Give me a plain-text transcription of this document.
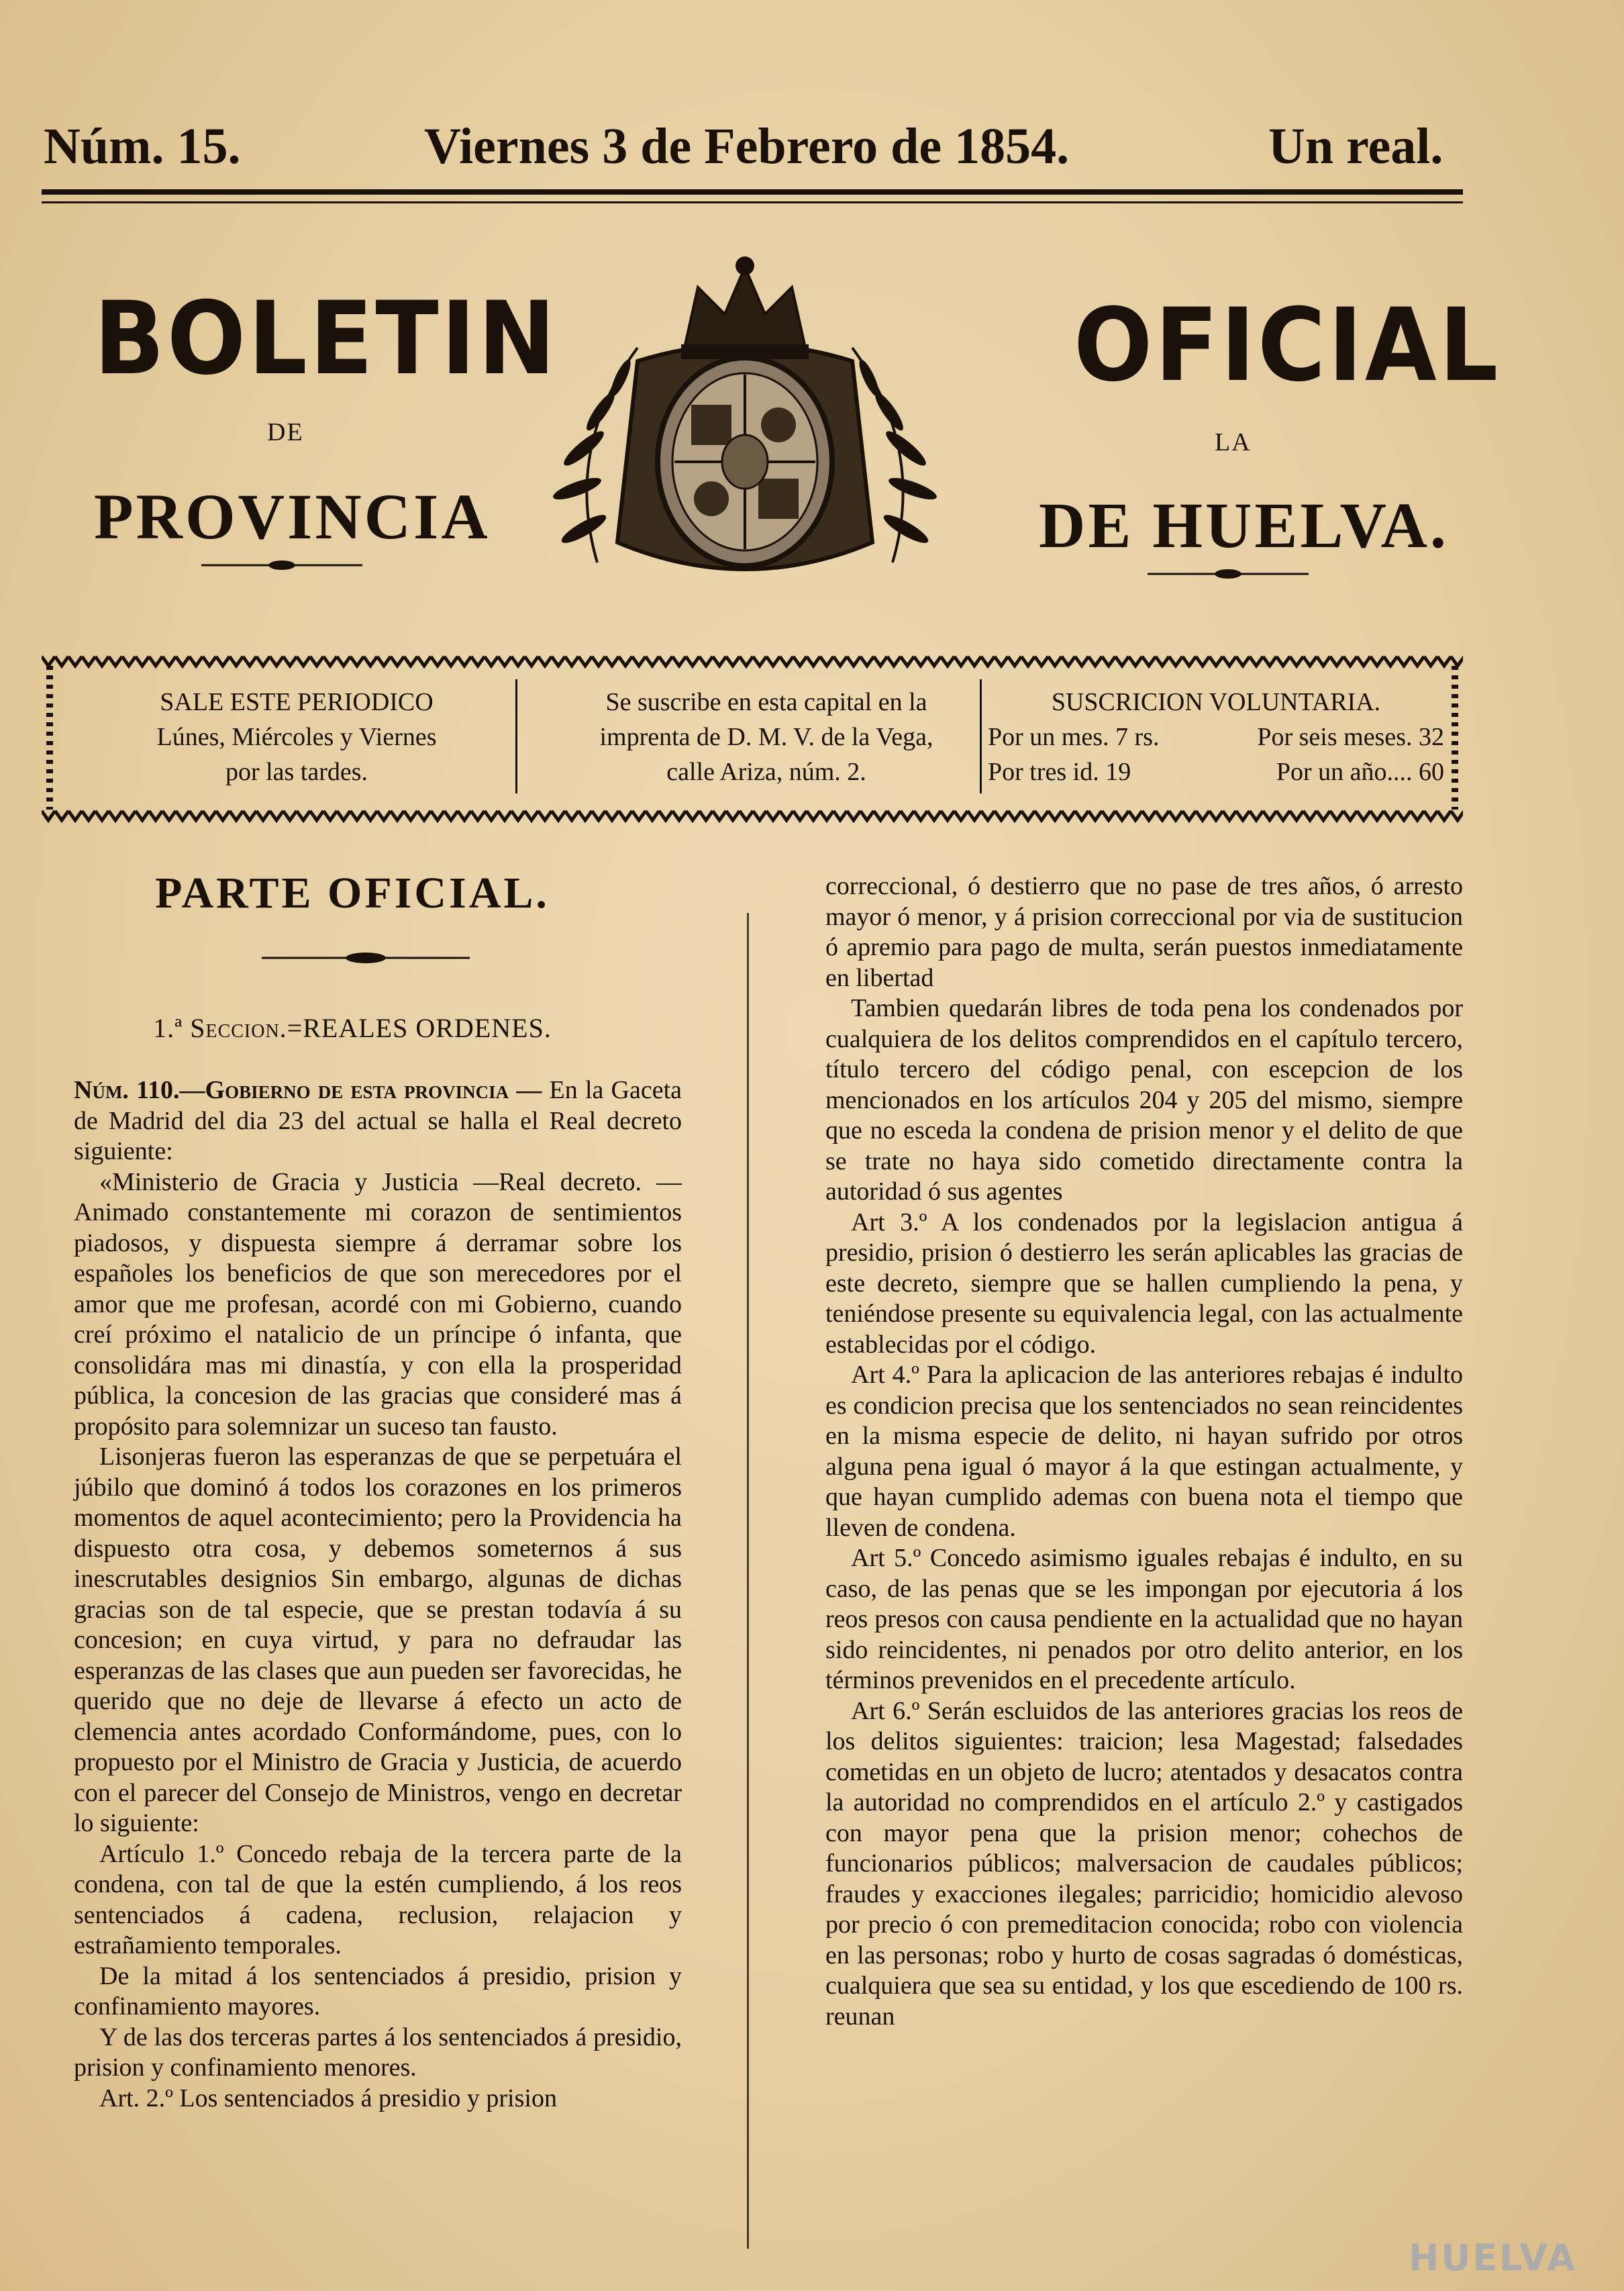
Núm. 15.	Viernes 3 de Febrero de 1854.	Un real.
BOLETIN
DE
PROVINCIA
OFICIAL
LA
DE HUELVA.
SALE ESTE PERIODICO
Lúnes, Miércoles y Viernes
por las tardes.
Se suscribe en esta capital en la
imprenta de D. M. V. de la Vega,
calle Ariza, núm. 2.
SUSCRICION VOLUNTARIA.
Por un mes. 7 rs.	Por seis meses. 32
Por tres id. 19	Por un año.... 60
PARTE OFICIAL.
1.ª Seccion.=REALES ORDENES.

Núm. 110.—Gobierno de esta provincia — En la Gaceta de Madrid del dia 23 del actual se halla el Real decreto siguiente:

«Ministerio de Gracia y Justicia —Real decreto. —Animado constantemente mi corazon de sentimientos piadosos, y dispuesta siempre á derramar sobre los españoles los beneficios de que son merecedores por el amor que me profesan, acordé con mi Gobierno, cuando creí próximo el natalicio de un príncipe ó infanta, que consolidára mas mi dinastía, y con ella la prosperidad pública, la concesion de las gracias que consideré mas á propósito para solemnizar un suceso tan fausto.

Lisonjeras fueron las esperanzas de que se perpetuára el júbilo que dominó á todos los corazones en los primeros momentos de aquel acontecimiento; pero la Providencia ha dispuesto otra cosa, y debemos someternos á sus inescrutables designios Sin embargo, algunas de dichas gracias son de tal especie, que se prestan todavía á su concesion; en cuya virtud, y para no defraudar las esperanzas de las clases que aun pueden ser favorecidas, he querido que no deje de llevarse á efecto un acto de clemencia antes acordado Conformándome, pues, con lo propuesto por el Ministro de Gracia y Justicia, de acuerdo con el parecer del Consejo de Ministros, vengo en decretar lo siguiente:

Artículo 1.º Concedo rebaja de la tercera parte de la condena, con tal de que la estén cumpliendo, á los reos sentenciados á cadena, reclusion, relajacion y estrañamiento temporales.

De la mitad á los sentenciados á presidio, prision y confinamiento mayores.

Y de las dos terceras partes á los sentenciados á presidio, prision y confinamiento menores.

Art. 2.º Los sentenciados á presidio y prision

correccional, ó destierro que no pase de tres años, ó arresto mayor ó menor, y á prision correccional por via de sustitucion ó apremio para pago de multa, serán puestos inmediatamente en libertad

Tambien quedarán libres de toda pena los condenados por cualquiera de los delitos comprendidos en el capítulo tercero, título tercero del código penal, con escepcion de los mencionados en los artículos 204 y 205 del mismo, siempre que no esceda la condena de prision menor y el delito de que se trate no haya sido cometido directamente contra la autoridad ó sus agentes

Art 3.º A los condenados por la legislacion antigua á presidio, prision ó destierro les serán aplicables las gracias de este decreto, siempre que se hallen cumpliendo la pena, y teniéndose presente su equivalencia legal, con las actualmente establecidas por el código.

Art 4.º Para la aplicacion de las anteriores rebajas é indulto es condicion precisa que los sentenciados no sean reincidentes en la misma especie de delito, ni hayan sufrido por otros alguna pena igual ó mayor á la que estingan actualmente, y que hayan cumplido ademas con buena nota el tiempo que lleven de condena.

Art 5.º Concedo asimismo iguales rebajas é indulto, en su caso, de las penas que se les impongan por ejecutoria á los reos presos con causa pendiente en la actualidad que no hayan sido reincidentes, ni penados por otro delito anterior, en los términos prevenidos en el precedente artículo.

Art 6.º Serán escluidos de las anteriores gracias los reos de los delitos siguientes: traicion; lesa Magestad; falsedades cometidas en un objeto de lucro; atentados y desacatos contra la autoridad no comprendidos en el artículo 2.º y castigados con mayor pena que la prision menor; cohechos de funcionarios públicos; malversacion de caudales públicos; fraudes y exacciones ilegales; parricidio; homicidio alevoso por precio ó con premeditacion conocida; robo con violencia en las personas; robo y hurto de cosas sagradas ó domésticas, cualquiera que sea su entidad, y los que escediendo de 100 rs. reunan

HUELVA
